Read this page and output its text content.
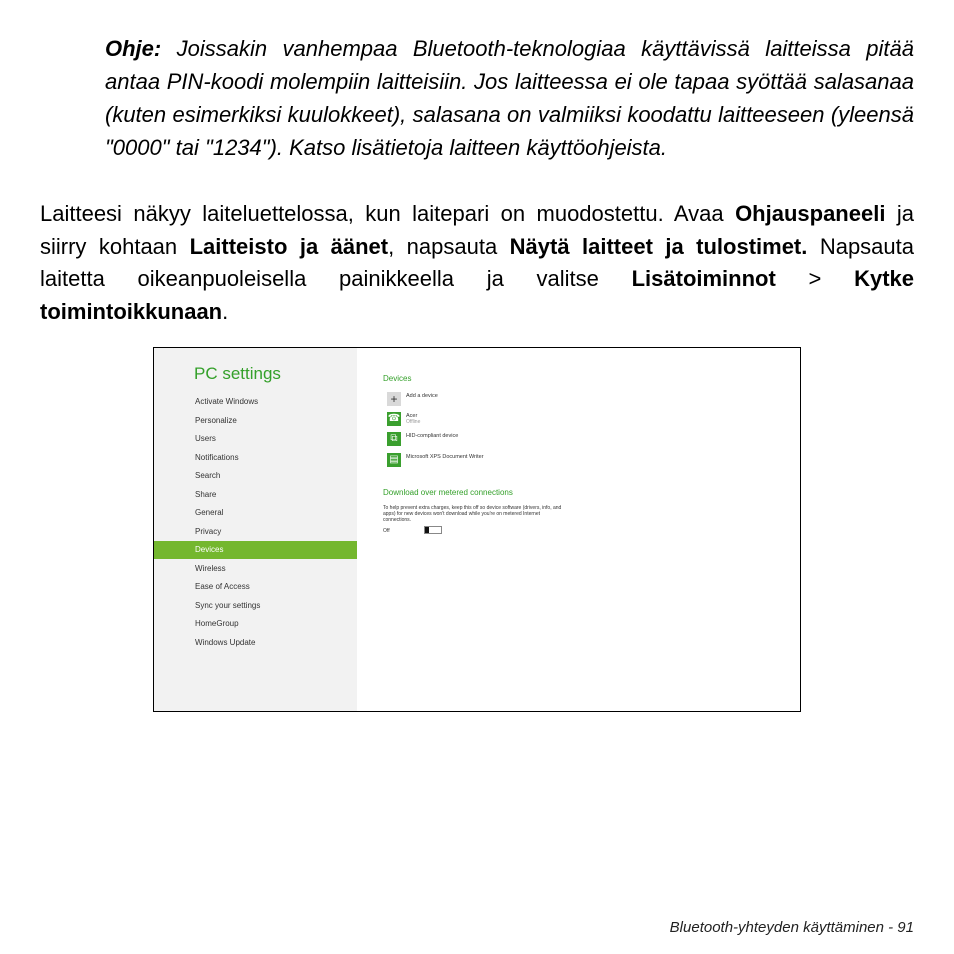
Ohje: Joissakin vanhempaa Bluetooth-teknologiaa käyttävissä laitteissa pitää antaa PIN-koodi molempiin laitteisiin. Jos laitteessa ei ole tapaa syöttää salasanaa (kuten esimerkiksi kuulokkeet), salasana on valmiiksi koodattu laitteeseen (yleensä "0000" tai "1234"). Katso lisätietoja laitteen käyttöohjeista.
Laitteesi näkyy laiteluettelossa, kun laitepari on muodostettu. Avaa Ohjauspaneeli ja siirry kohtaan Laitteisto ja äänet, napsauta Näytä laitteet ja tulostimet. Napsauta laitetta oikeanpuoleisella painikkeella ja valitse Lisätoiminnot > Kytke toimintoikkunaan.
PC settings
Activate Windows
Personalize
Users
Notifications
Search
Share
General
Privacy
Devices
Wireless
Ease of Access
Sync your settings
HomeGroup
Windows Update
Devices
+	Add a device
☎ Acer
Offline
⧉	HID-compliant device
▤	Microsoft XPS Document Writer
Download over metered connections
To help prevent extra charges, keep this off so device software (drivers, info, and apps) for new devices won't download while you're on metered Internet connections.
Off
Bluetooth-yhteyden käyttäminen - 91
